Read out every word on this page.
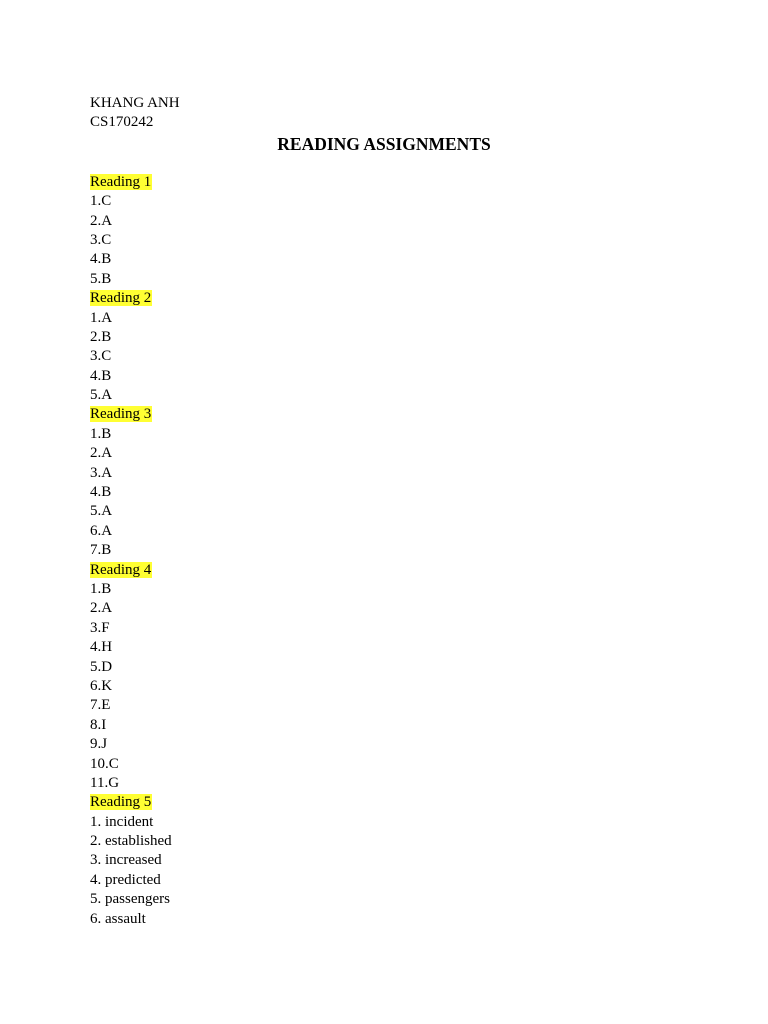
READING ASSIGNMENTS
KHANG ANH
CS170242
Reading 1
1.C
2.A
3.C
4.B
5.B
Reading 2
1.A
2.B
3.C
4.B
5.A
Reading 3
1.B
2.A
3.A
4.B
5.A
6.A
7.B
Reading 4
1.B
2.A
3.F
4.H
5.D
6.K
7.E
8.I
9.J
10.C
11.G
Reading 5
1. incident
2. established
3. increased
4. predicted
5. passengers
6. assault
